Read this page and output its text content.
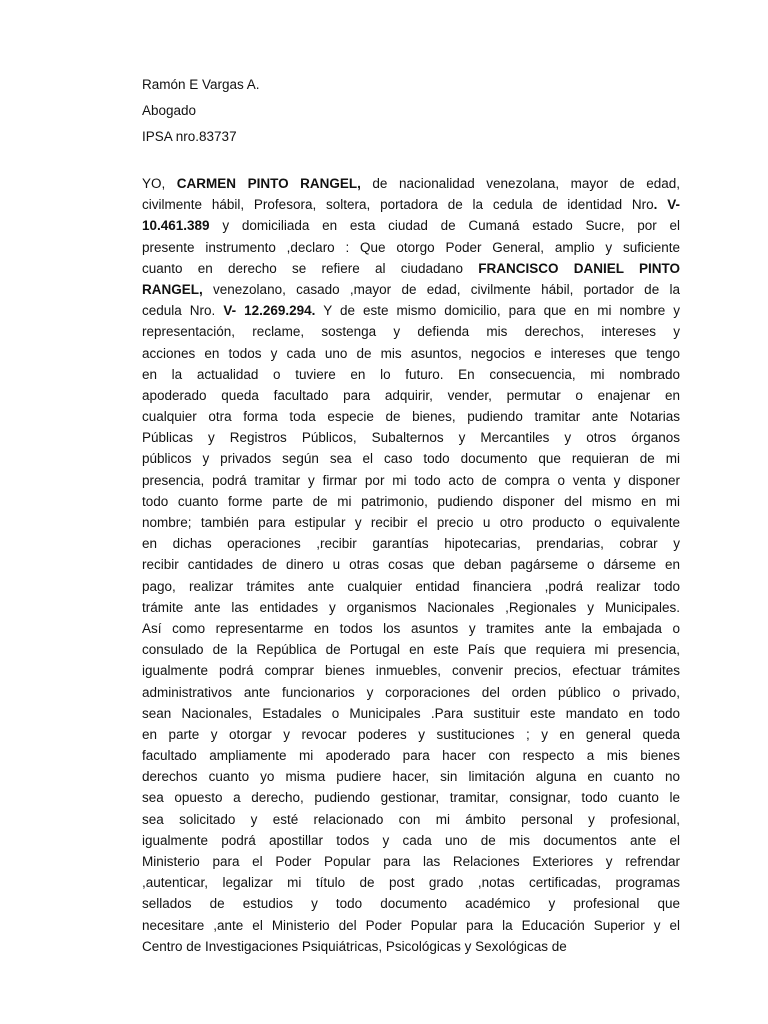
Ramón E Vargas A.
Abogado
IPSA nro.83737
YO, CARMEN PINTO RANGEL, de nacionalidad venezolana, mayor de edad,
civilmente hábil, Profesora, soltera, portadora de la cedula de identidad Nro. V-
10.461.389 y domiciliada en esta ciudad de Cumaná estado Sucre, por el
presente instrumento ,declaro : Que otorgo Poder General, amplio y suficiente
cuanto en derecho se refiere al ciudadano FRANCISCO DANIEL PINTO
RANGEL, venezolano, casado ,mayor de edad, civilmente hábil, portador de la
cedula Nro. V- 12.269.294. Y de este mismo domicilio, para que en mi nombre y
representación, reclame, sostenga y defienda mis derechos, intereses y
acciones en todos y cada uno de mis asuntos, negocios e intereses que tengo
en la actualidad o tuviere en lo futuro. En consecuencia, mi nombrado
apoderado queda facultado para adquirir, vender, permutar o enajenar en
cualquier otra forma toda especie de bienes, pudiendo tramitar ante Notarias
Públicas y Registros Públicos, Subalternos y Mercantiles y otros órganos
públicos y privados según sea el caso todo documento que requieran de mi
presencia, podrá tramitar y firmar por mi todo acto de compra o venta y disponer
todo cuanto forme parte de mi patrimonio, pudiendo disponer del mismo en mi
nombre; también para estipular y recibir el precio u otro producto o equivalente
en dichas operaciones ,recibir garantías hipotecarias, prendarias, cobrar y
recibir cantidades de dinero u otras cosas que deban pagárseme o dárseme en
pago, realizar trámites ante cualquier entidad financiera ,podrá realizar todo
trámite ante las entidades y organismos Nacionales ,Regionales y Municipales.
Así como representarme en todos los asuntos y tramites ante la embajada o
consulado de la República de Portugal en este País que requiera mi presencia,
igualmente podrá comprar bienes inmuebles, convenir precios, efectuar trámites
administrativos ante funcionarios y corporaciones del orden público o privado,
sean Nacionales, Estadales o Municipales .Para sustituir este mandato en todo
en parte y otorgar y revocar poderes y sustituciones ; y en general queda
facultado ampliamente mi apoderado para hacer con respecto a mis bienes
derechos cuanto yo misma pudiere hacer, sin limitación alguna en cuanto no
sea opuesto a derecho, pudiendo gestionar, tramitar, consignar, todo cuanto le
sea solicitado y esté relacionado con mi ámbito personal y profesional,
igualmente podrá apostillar todos y cada uno de mis documentos ante el
Ministerio para el Poder Popular para las Relaciones Exteriores y refrendar
,autenticar, legalizar mi título de post grado ,notas certificadas, programas
sellados de estudios y todo documento académico y profesional que
necesitare ,ante el Ministerio del Poder Popular para la Educación Superior y el
Centro de Investigaciones Psiquiátricas, Psicológicas y Sexológicas de
